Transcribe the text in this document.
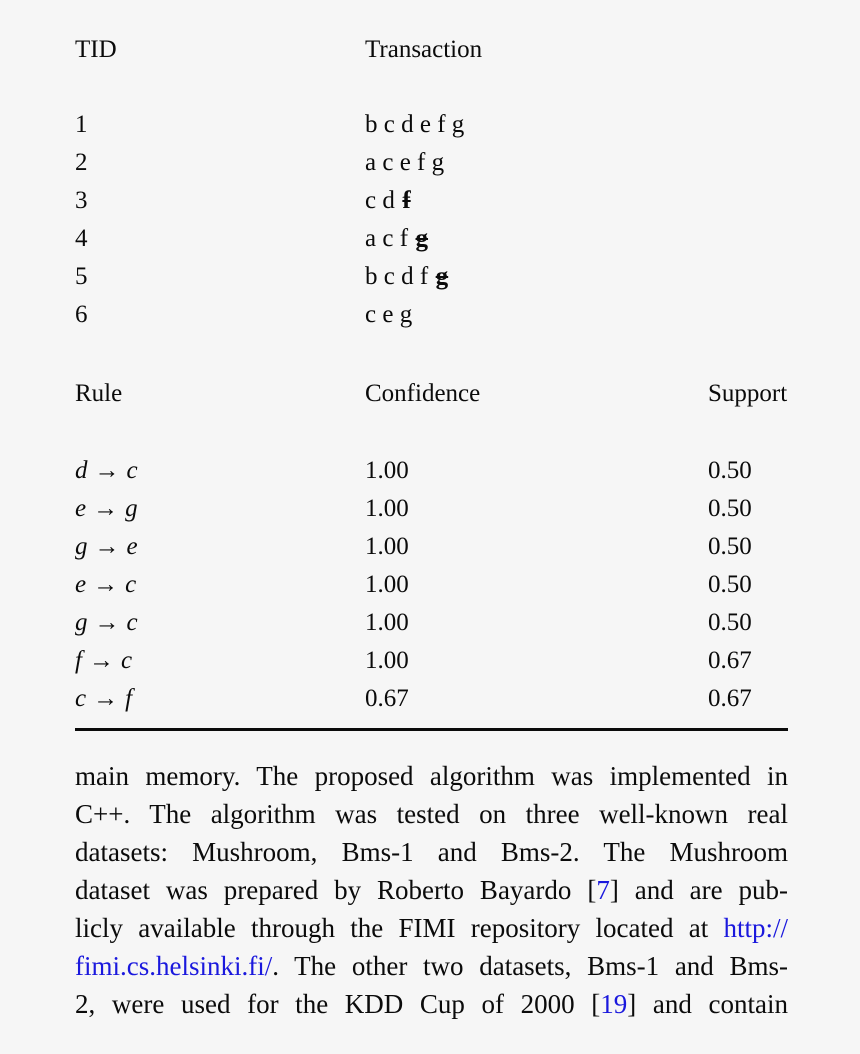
TID	Transaction
1	b c d e f g
2	a c e f g
3	c d f
4	a c f g
5	b c d f g
6	c e g
Rule	Confidence	Support
d → c	1.00	0.50
e → g	1.00	0.50
g → e	1.00	0.50
e → c	1.00	0.50
g → c	1.00	0.50
f → c	1.00	0.67
c → f	0.67	0.67
main memory. The proposed algorithm was implemented in
C++. The algorithm was tested on three well-known real
datasets: Mushroom, Bms-1 and Bms-2. The Mushroom
dataset was prepared by Roberto Bayardo [7] and are pub-
licly available through the FIMI repository located at http://
fimi.cs.helsinki.fi/. The other two datasets, Bms-1 and Bms-
2, were used for the KDD Cup of 2000 [19] and contain
